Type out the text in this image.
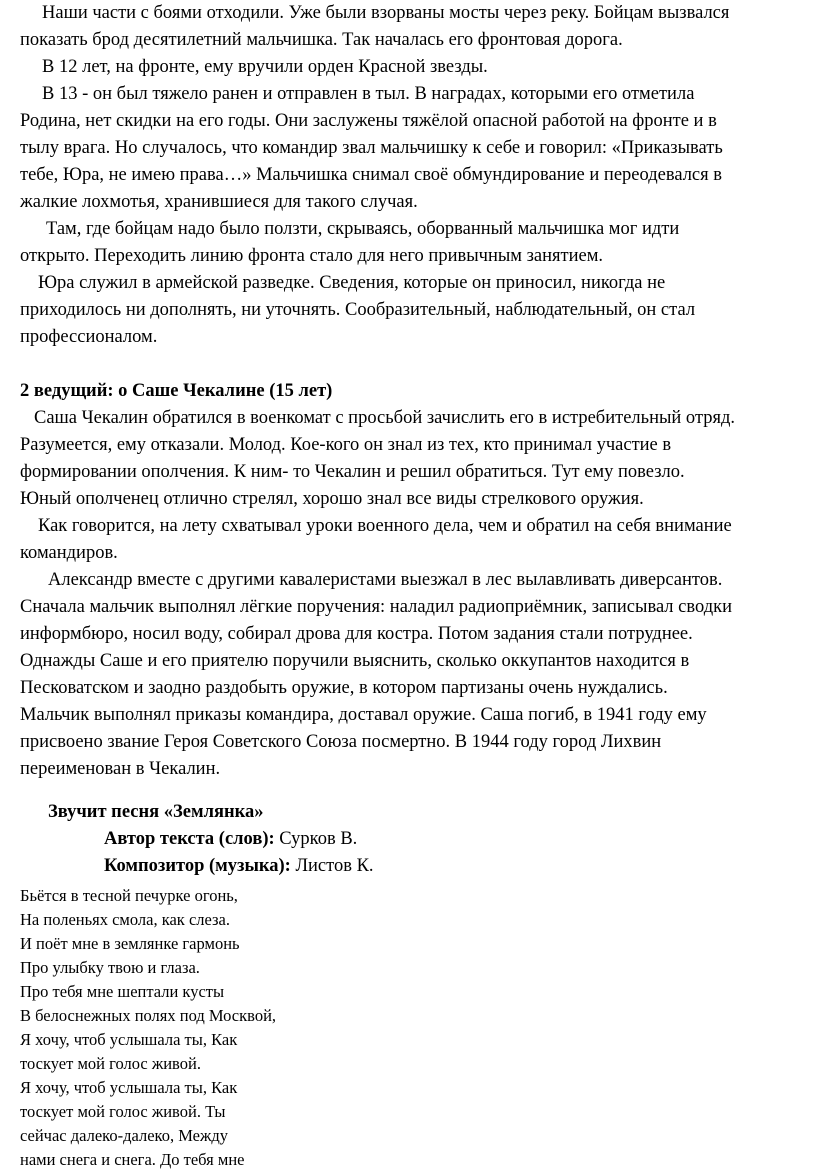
Наши части с боями отходили. Уже были взорваны мосты через реку. Бойцам вызвался
показать брод десятилетний мальчишка. Так началась его фронтовая дорога.
В 12 лет, на фронте, ему вручили орден Красной звезды.
В 13 - он был тяжело ранен и отправлен в тыл. В наградах, которыми его отметила
Родина, нет скидки на его годы. Они заслужены тяжёлой опасной работой на фронте и в
тылу врага. Но случалось, что командир звал мальчишку к себе и говорил: «Приказывать
тебе, Юра, не имею права…» Мальчишка снимал своё обмундирование и переодевался в
жалкие лохмотья, хранившиеся для такого случая.
Там, где бойцам надо было ползти, скрываясь, оборванный мальчишка мог идти
открыто. Переходить линию фронта стало для него привычным занятием.
Юра служил в армейской разведке. Сведения, которые он приносил, никогда не
приходилось ни дополнять, ни уточнять. Сообразительный, наблюдательный, он стал
профессионалом.
2 ведущий: о Саше Чекалине (15 лет)
Саша Чекалин обратился в военкомат с просьбой зачислить его в истребительный отряд.
Разумеется, ему отказали. Молод. Кое-кого он знал из тех, кто принимал участие в
формировании ополчения. К ним- то Чекалин и решил обратиться. Тут ему повезло.
Юный ополченец отлично стрелял, хорошо знал все виды стрелкового оружия.
Как говорится, на лету схватывал уроки военного дела, чем и обратил на себя внимание
командиров.
Александр вместе с другими кавалеристами выезжал в лес вылавливать диверсантов.
Сначала мальчик выполнял лёгкие поручения: наладил радиоприёмник, записывал сводки
информбюро, носил воду, собирал дрова для костра. Потом задания стали потруднее.
Однажды Саше и его приятелю поручили выяснить, сколько оккупантов находится в
Песковатском и заодно раздобыть оружие, в котором партизаны очень нуждались.
Мальчик выполнял приказы командира, доставал оружие. Саша погиб, в 1941 году ему
присвоено звание Героя Советского Союза посмертно. В 1944 году город Лихвин
переименован в Чекалин.
Звучит песня «Землянка»
Автор текста (слов): Сурков В.
Композитор (музыка): Листов К.
Бьётся в тесной печурке огонь,
На поленьях смола, как слеза.
И поёт мне в землянке гармонь
Про улыбку твою и глаза.
Про тебя мне шептали кусты
В белоснежных полях под Москвой,
Я хочу, чтоб услышала ты, Как
тоскует мой голос живой.
Я хочу, чтоб услышала ты, Как
тоскует мой голос живой. Ты
сейчас далеко-далеко, Между
нами снега и снега. До тебя мне
